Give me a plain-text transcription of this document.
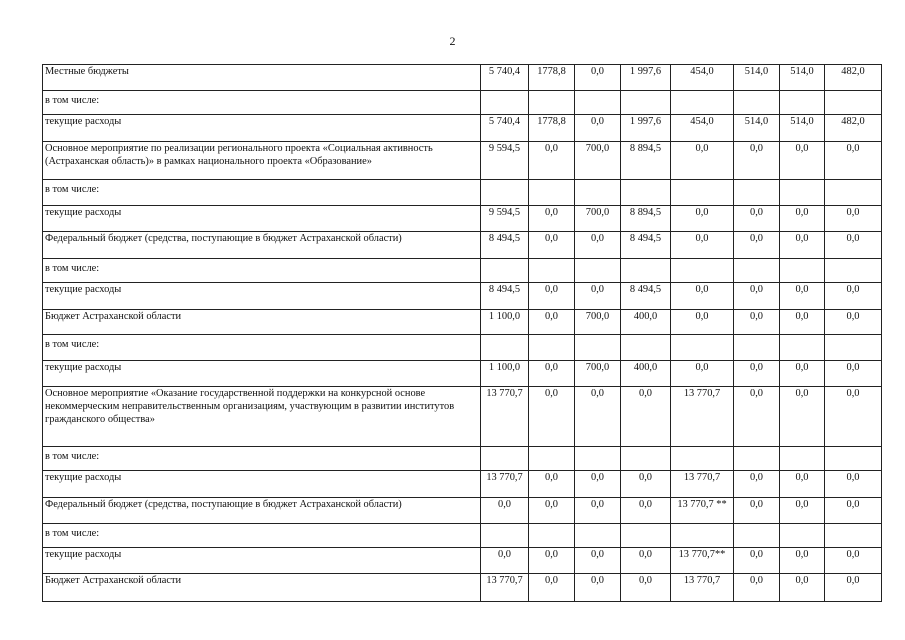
2
Местные бюджеты	5 740,4	1778,8	0,0	1 997,6	454,0	514,0	514,0	482,0
в том числе:								
текущие расходы	5 740,4	1778,8	0,0	1 997,6	454,0	514,0	514,0	482,0
Основное мероприятие по реализации регионального проекта «Социальная активность (Астраханская область)» в рамках национального проекта «Образование»	9 594,5	0,0	700,0	8 894,5	0,0	0,0	0,0	0,0
в том числе:								
текущие расходы	9 594,5	0,0	700,0	8 894,5	0,0	0,0	0,0	0,0
Федеральный бюджет (средства, поступающие в бюджет Астраханской области)	8 494,5	0,0	0,0	8 494,5	0,0	0,0	0,0	0,0
в том числе:								
текущие расходы	8 494,5	0,0	0,0	8 494,5	0,0	0,0	0,0	0,0
Бюджет Астраханской области	1 100,0	0,0	700,0	400,0	0,0	0,0	0,0	0,0
в том числе:								
текущие расходы	1 100,0	0,0	700,0	400,0	0,0	0,0	0,0	0,0
Основное мероприятие «Оказание государственной поддержки на конкурсной основе некоммерческим неправительственным организациям, участвующим в развитии институтов гражданского общества»	13 770,7	0,0	0,0	0,0	13 770,7	0,0	0,0	0,0
в том числе:								
текущие расходы	13 770,7	0,0	0,0	0,0	13 770,7	0,0	0,0	0,0
Федеральный бюджет (средства, поступающие в бюджет Астраханской области)	0,0	0,0	0,0	0,0	13 770,7 **	0,0	0,0	0,0
в том числе:								
текущие расходы	0,0	0,0	0,0	0,0	13 770,7**	0,0	0,0	0,0
Бюджет Астраханской области	13 770,7	0,0	0,0	0,0	13 770,7	0,0	0,0	0,0
